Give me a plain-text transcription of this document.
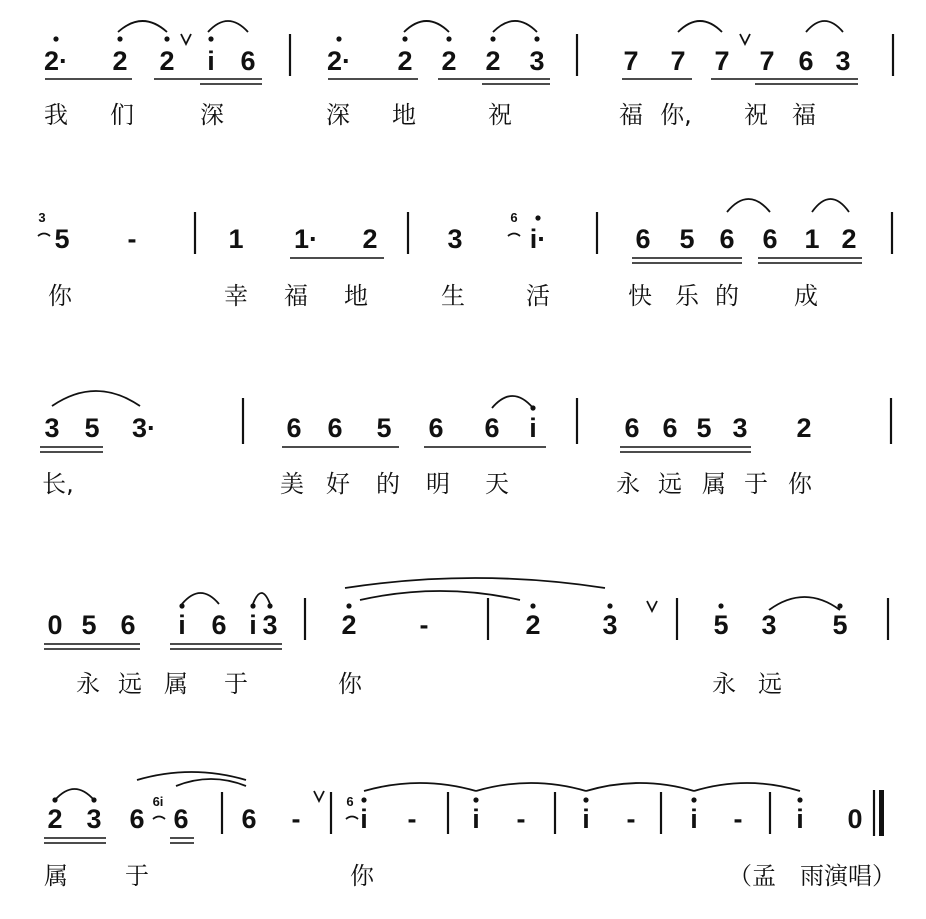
2· 2 2 i 6	2· 2 2 2 3	7 7 7 7 6 3
我 们	深	深 地	祝	福 你, 祝 福
5 -	1 1· 2	3 i·	6 5 6 6 1 2
3	6
你	幸 福 地	生	活	快 乐 的 成
3 5 3·	6 6 5 6 6 i	6 6 5 3 2
长,	美 好 的 明 天	永 远 属 于 你
0 5 6 i 6 i 3 2 -	2 3	5 3 5
永 远 属 于	你	永 远
2 3 6 6 6 - i - i - i - i - i 0
6i	6
属 于	你	（孟　雨演唱）
